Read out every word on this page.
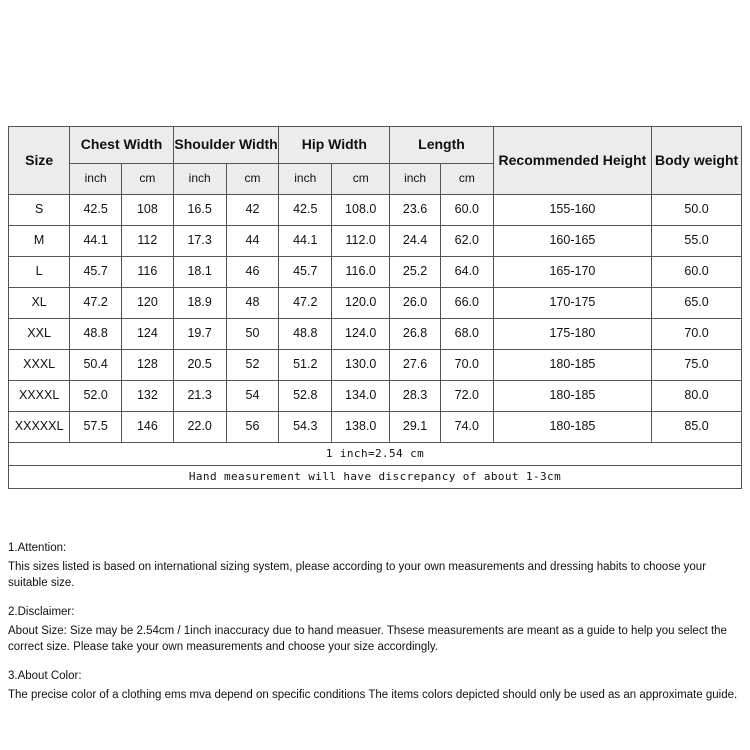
Size	Chest Width		Shoulder Width		Hip Width		Length		Recommended Height	Body weight
	inch	cm	inch	cm	inch	cm	inch	cm		
S	42.5	108	16.5	42	42.5	108.0	23.6	60.0	155-160	50.0
M	44.1	112	17.3	44	44.1	112.0	24.4	62.0	160-165	55.0
L	45.7	116	18.1	46	45.7	116.0	25.2	64.0	165-170	60.0
XL	47.2	120	18.9	48	47.2	120.0	26.0	66.0	170-175	65.0
XXL	48.8	124	19.7	50	48.8	124.0	26.8	68.0	175-180	70.0
XXXL	50.4	128	20.5	52	51.2	130.0	27.6	70.0	180-185	75.0
XXXXL	52.0	132	21.3	54	52.8	134.0	28.3	72.0	180-185	80.0
XXXXXL	57.5	146	22.0	56	54.3	138.0	29.1	74.0	180-185	85.0
1 inch=2.54 cm										
Hand measurement will have discrepancy of about 1-3cm										

1.Attention:

This sizes listed is based on international sizing system, please according to your own measurements and dressing habits to choose your suitable size.

2.Disclaimer:

About Size: Size may be 2.54cm / 1inch inaccuracy due to hand measuer. Thsese measurements are meant as a guide to help you select the correct size. Please take your own measurements and choose your size accordingly.

3.About Color:

The precise color of a clothing ems mva depend on specific conditions The items colors depicted should only be used as an approximate guide.
